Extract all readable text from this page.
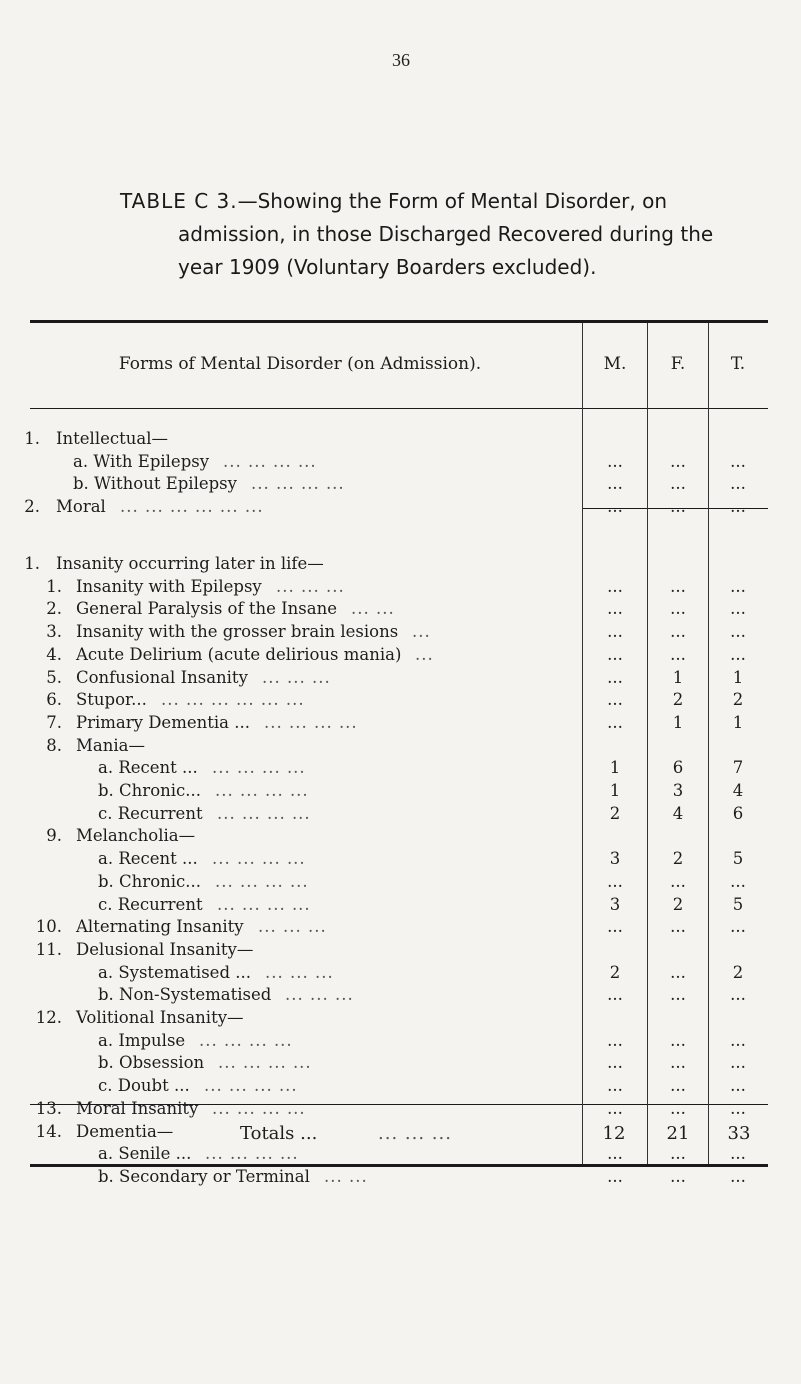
36
TABLE C 3.—Showing the Form of Mental Disorder, on
admission, in those Discharged Recovered during the
year 1909 (Voluntary Boarders excluded).
Forms of Mental Disorder (on Admission).	M.	F.	T.
1. Intellectual—
a. With Epilepsy ... ... ... ...	...	...	...
b. Without Epilepsy ... ... ... ...	...	...	...
2. Moral ... ... ... ... ... ...	...	...	...
1. Insanity occurring later in life—
1. Insanity with Epilepsy ... ... ...	...	...	...
2. General Paralysis of the Insane ... ...	...	...	...
3. Insanity with the grosser brain lesions ...	...	...	...
4. Acute Delirium (acute delirious mania) ...	...	...	...
5. Confusional Insanity ... ... ...	...	1	1
6. Stupor... ... ... ... ... ... ...	...	2	2
7. Primary Dementia ... ... ... ... ...	...	1	1
8. Mania—
a. Recent ... ... ... ... ...	1	6	7
b. Chronic... ... ... ... ...	1	3	4
c. Recurrent ... ... ... ...	2	4	6
9. Melancholia—
a. Recent ... ... ... ... ...	3	2	5
b. Chronic... ... ... ... ...	...	...	...
c. Recurrent ... ... ... ...	3	2	5
10. Alternating Insanity ... ... ...	...	...	...
11. Delusional Insanity—
a. Systematised ... ... ... ...	2	...	2
b. Non-Systematised ... ... ...	...	...	...
12. Volitional Insanity—
a. Impulse ... ... ... ...	...	...	...
b. Obsession ... ... ... ...	...	...	...
c. Doubt ... ... ... ... ...	...	...	...
13. Moral Insanity ... ... ... ...	...	...	...
14. Dementia—
a. Senile ... ... ... ... ...	...	...	...
b. Secondary or Terminal ... ...	...	...	...
Totals ...	... ... ...	12	21	33
